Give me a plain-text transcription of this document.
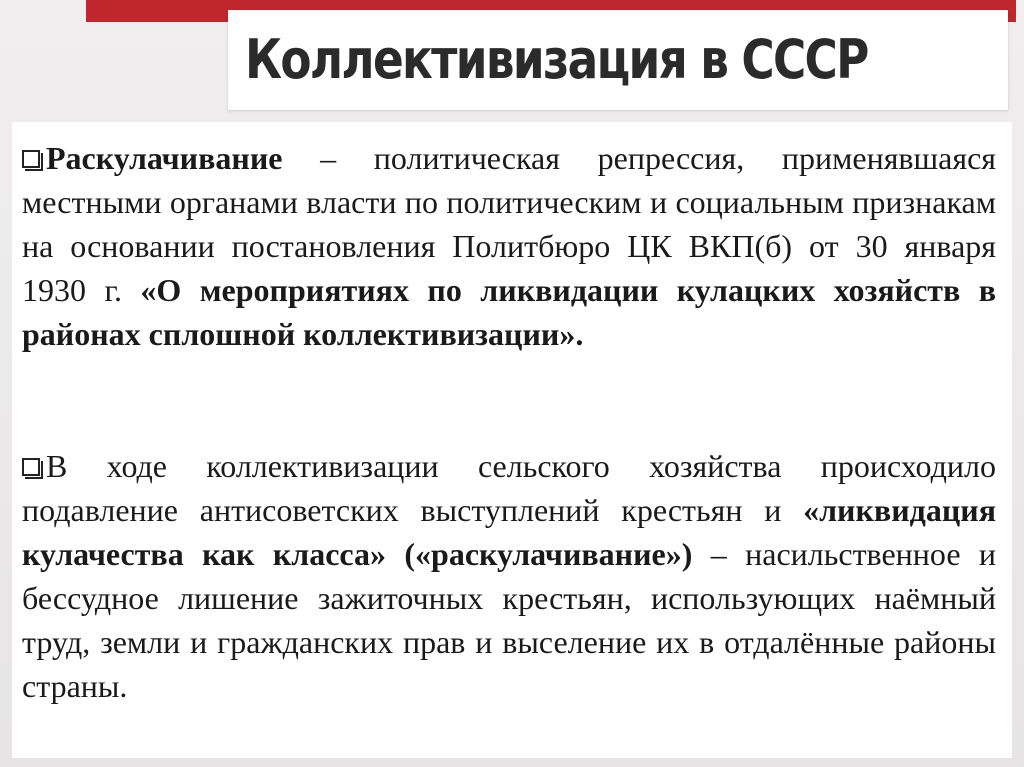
Коллективизация в СССР
Раскулачивание – политическая репрессия, применявшаяся местными органами власти по политическим и социальным признакам на основании постановления Политбюро ЦК ВКП(б) от 30 января 1930 г. «О мероприятиях по ликвидации кулацких хозяйств в районах сплошной коллективизации».
В ходе коллективизации сельского хозяйства происходило подавление антисоветских выступлений крестьян и «ликвидация кулачества как класса» («раскулачивание») – насильственное и бессудное лишение зажиточных крестьян, использующих наёмный труд, земли и гражданских прав и выселение их в отдалённые районы страны.
